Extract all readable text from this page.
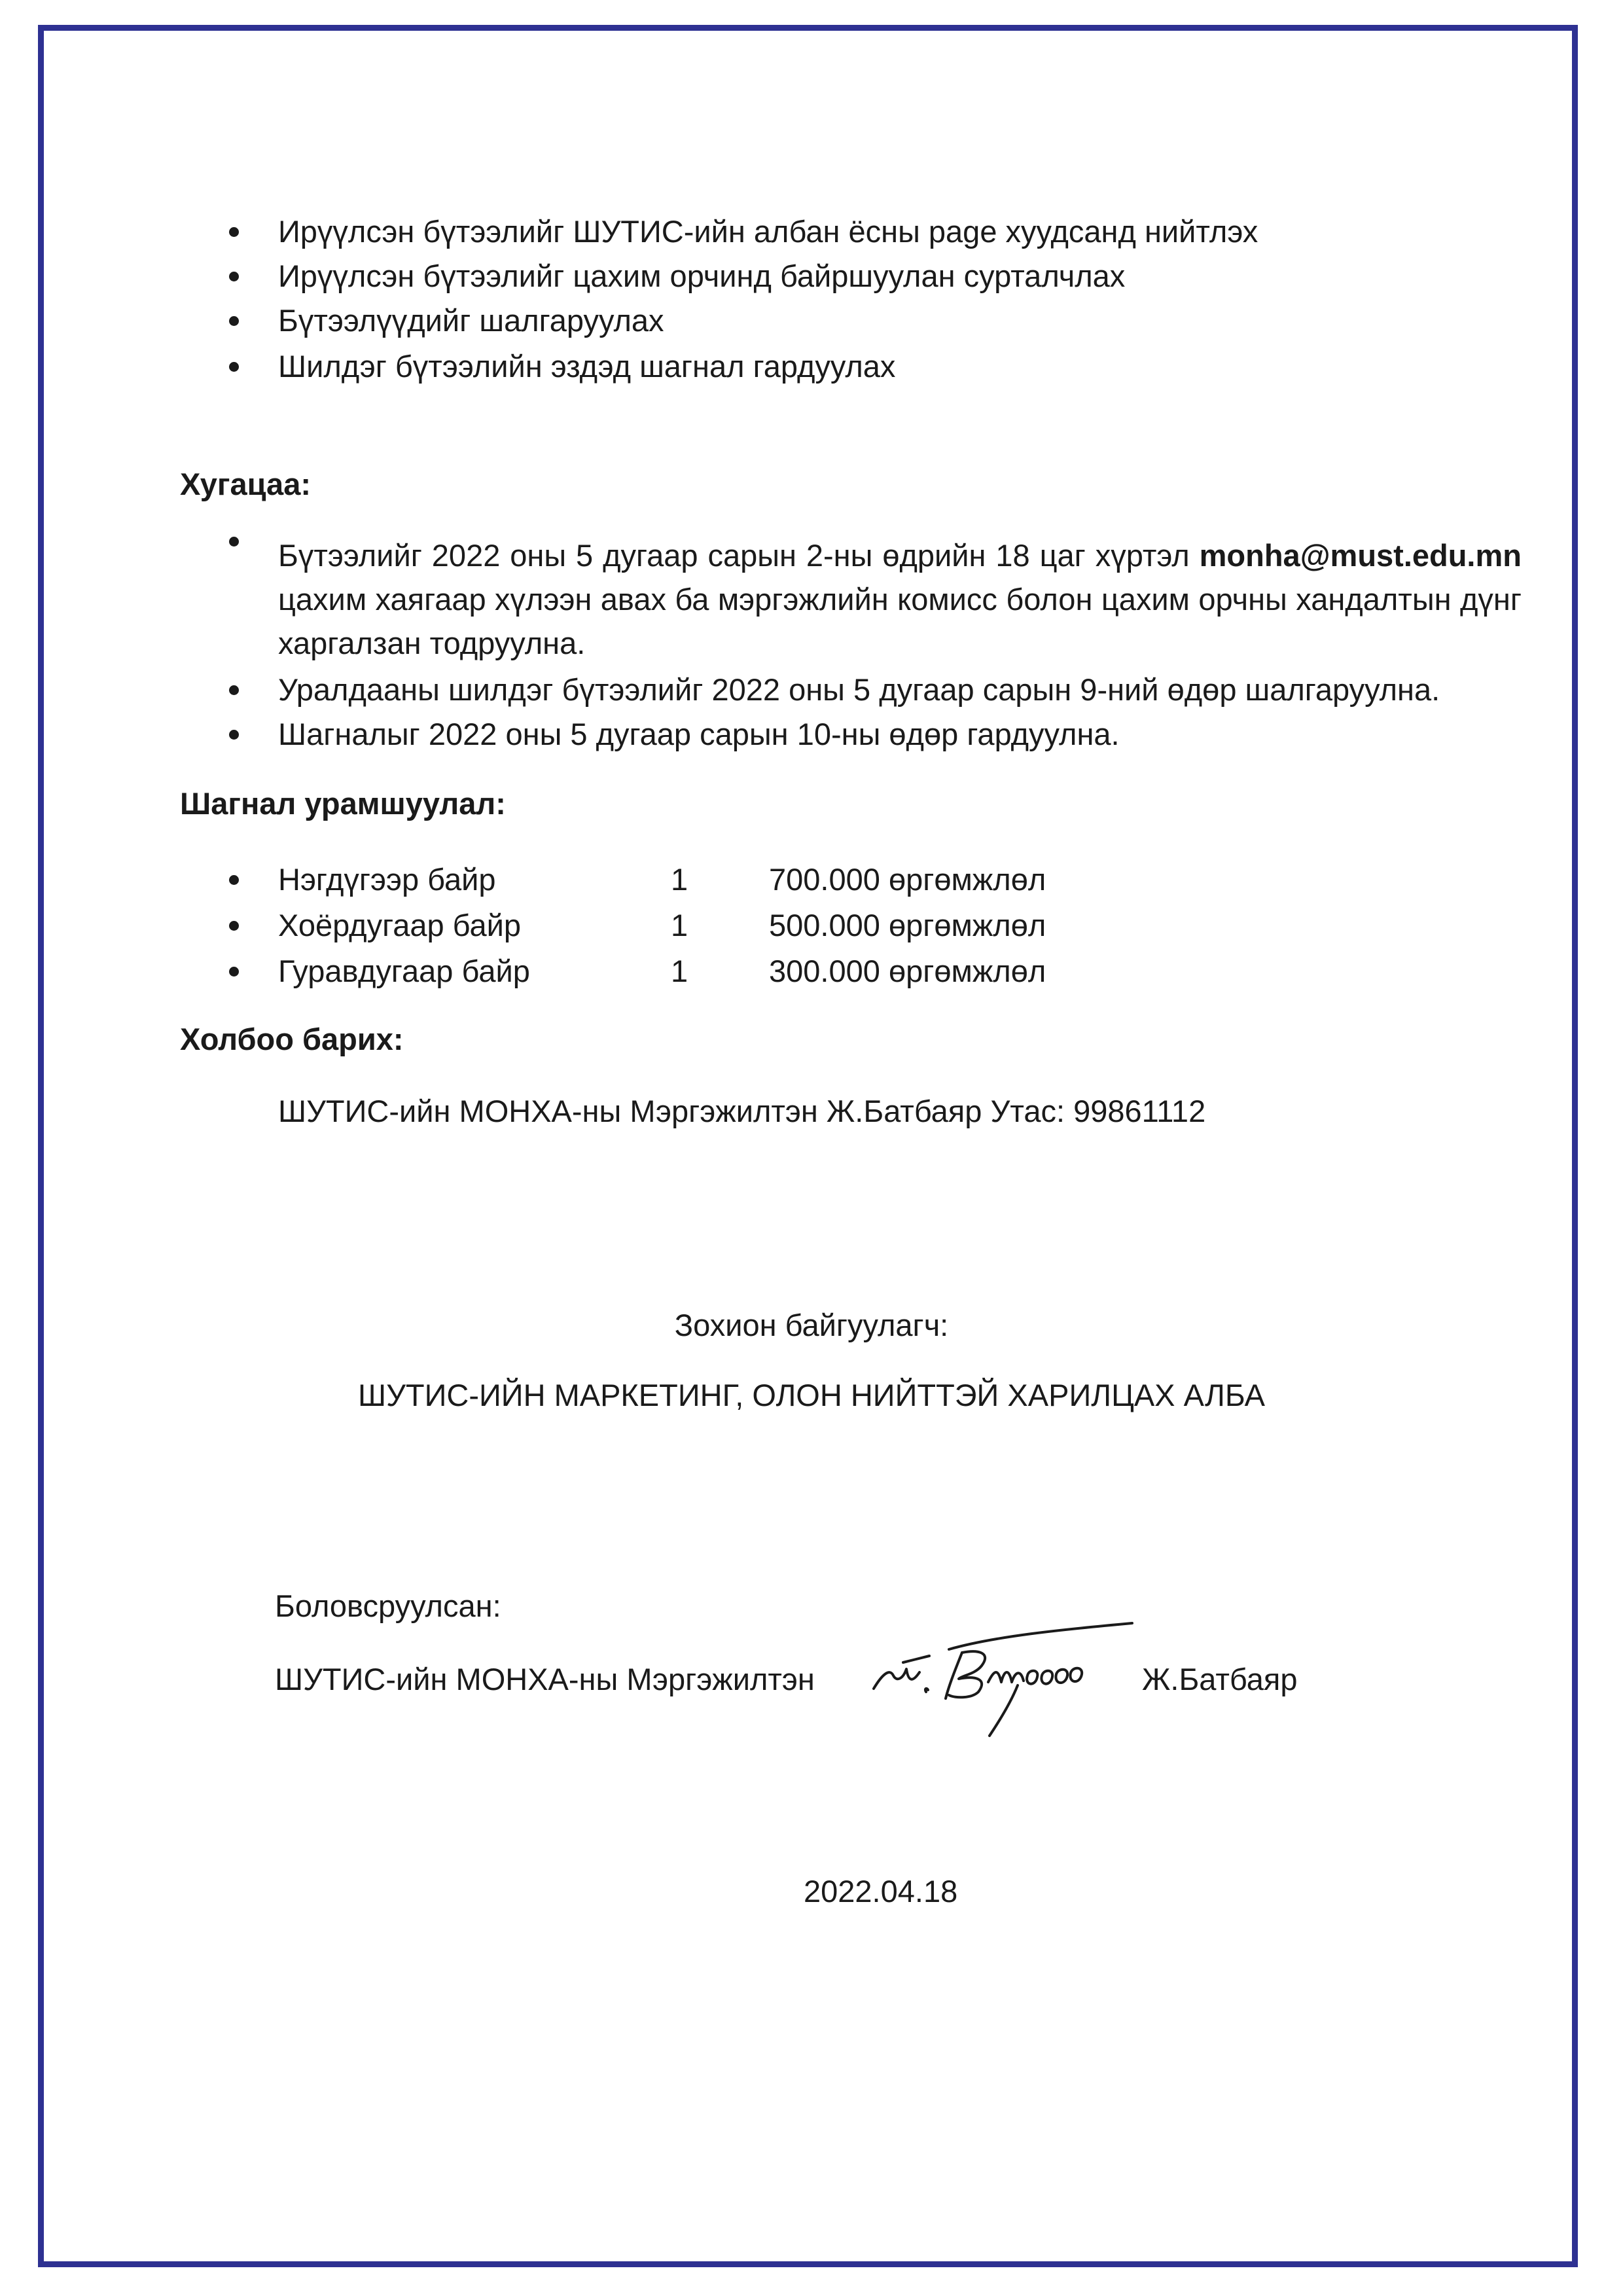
Ирүүлсэн бүтээлийг ШУТИС-ийн албан ёсны page хуудсанд нийтлэх
Ирүүлсэн бүтээлийг цахим орчинд байршуулан сурталчлах
Бүтээлүүдийг шалгаруулах
Шилдэг бүтээлийн эздэд шагнал гардуулах
Хугацаа:
Бүтээлийг 2022 оны 5 дугаар сарын 2-ны өдрийн 18 цаг хүртэл monha@must.edu.mn цахим хаягаар хүлээн авах ба мэргэжлийн комисс болон цахим орчны хандалтын дүнг харгалзан тодруулна.
Уралдааны шилдэг бүтээлийг 2022 оны 5 дугаар сарын 9-ний өдөр шалгаруулна.
Шагналыг 2022 оны 5 дугаар сарын 10-ны өдөр гардуулна.
Шагнал урамшуулал:
Нэгдүгээр байр	1	700.000 өргөмжлөл
Хоёрдугаар байр	1	500.000 өргөмжлөл
Гуравдугаар байр	1	300.000 өргөмжлөл
Холбоо барих:
ШУТИС-ийн МОНХА-ны Мэргэжилтэн Ж.Батбаяр Утас: 99861112
Зохион байгуулагч:
ШУТИС-ИЙН МАРКЕТИНГ, ОЛОН НИЙТТЭЙ ХАРИЛЦАХ АЛБА
Боловсруулсан:
ШУТИС-ийн МОНХА-ны Мэргэжилтэн	Ж.Батбаяр
2022.04.18
